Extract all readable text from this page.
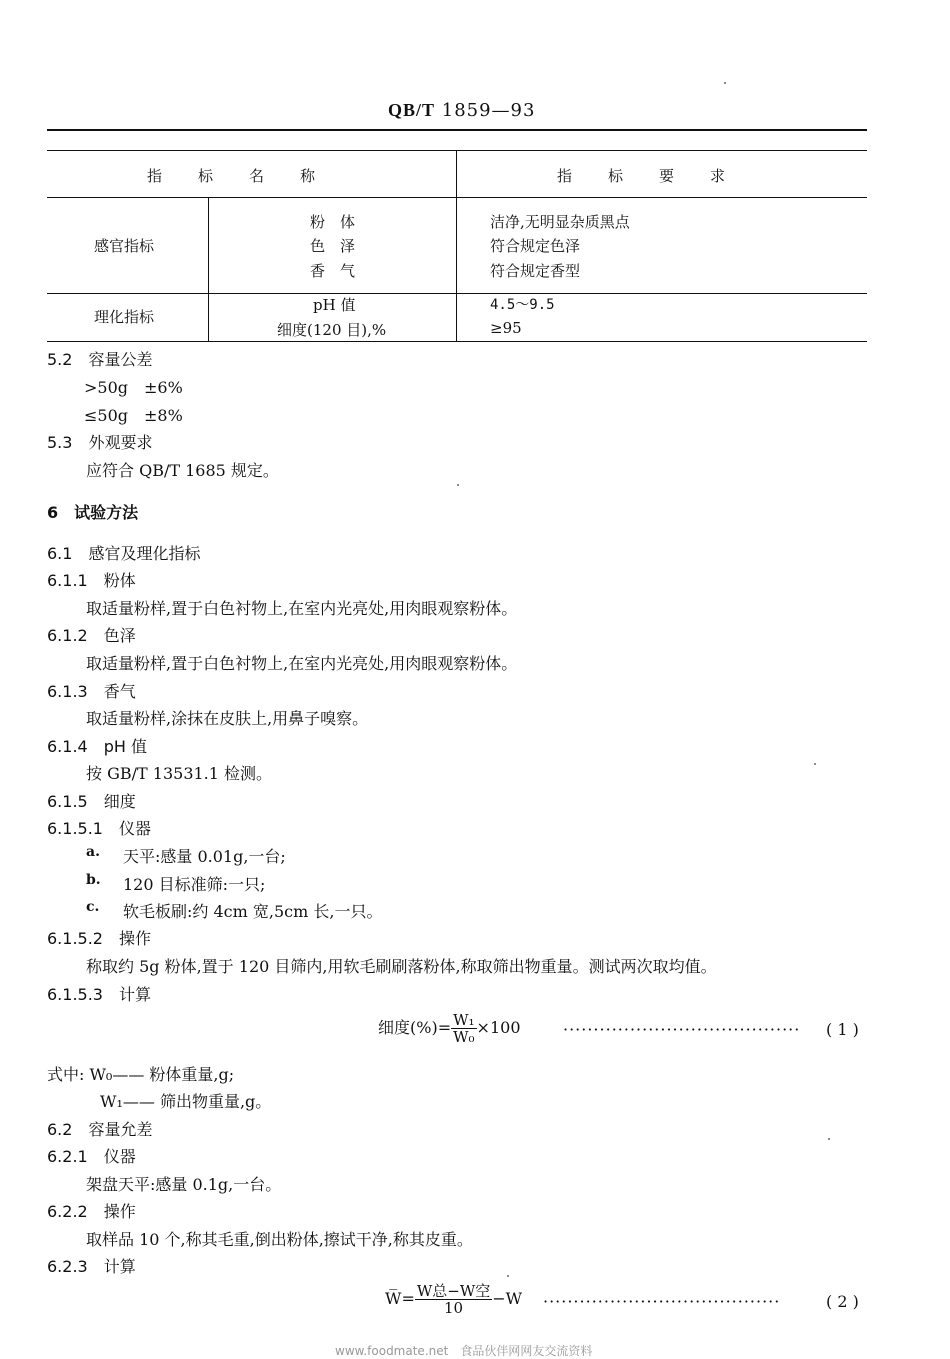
QB/T 1859—93
指　　标　　名　　称	指　　标　　要　　求
感官指标
粉　体	洁净,无明显杂质黑点
色　泽	符合规定色泽
香　气	符合规定香型
理化指标
pH 值	4.5～9.5
细度(120 目),%	≥95
5.2　容量公差
>50g　±6%
≤50g　±8%
5.3　外观要求
应符合 QB/T 1685 规定。
6　试验方法
6.1　感官及理化指标
6.1.1　粉体
取适量粉样,置于白色衬物上,在室内光亮处,用肉眼观察粉体。
6.1.2　色泽
取适量粉样,置于白色衬物上,在室内光亮处,用肉眼观察粉体。
6.1.3　香气
取适量粉样,涂抹在皮肤上,用鼻子嗅察。
6.1.4　pH 值
按 GB/T 13531.1 检测。
6.1.5　细度
6.1.5.1　仪器
a. 天平:感量 0.01g,一台;
b. 120 目标准筛:一只;
c. 软毛板刷:约 4cm 宽,5cm 长,一只。
6.1.5.2　操作
称取约 5g 粉体,置于 120 目筛内,用软毛刷刷落粉体,称取筛出物重量。测试两次取均值。
6.1.5.3　计算
细度(%)= $\frac{\text{W₁}}{\text{W₀}} \times 100$	······································· ( 1 )
式中: W₀—— 粉体重量,g;
W₁—— 筛出物重量,g。
6.2　容量允差
6.2.1　仪器
架盘天平:感量 0.1g,一台。
6.2.2　操作
取样品 10 个,称其毛重,倒出粉体,擦试干净,称其皮重。
6.2.3　计算
W̅= $\frac{\text{W总−W空}}{10} -W$ ·······································	( 2 )
www.foodmate.net　食品伙伴网网友交流资料
